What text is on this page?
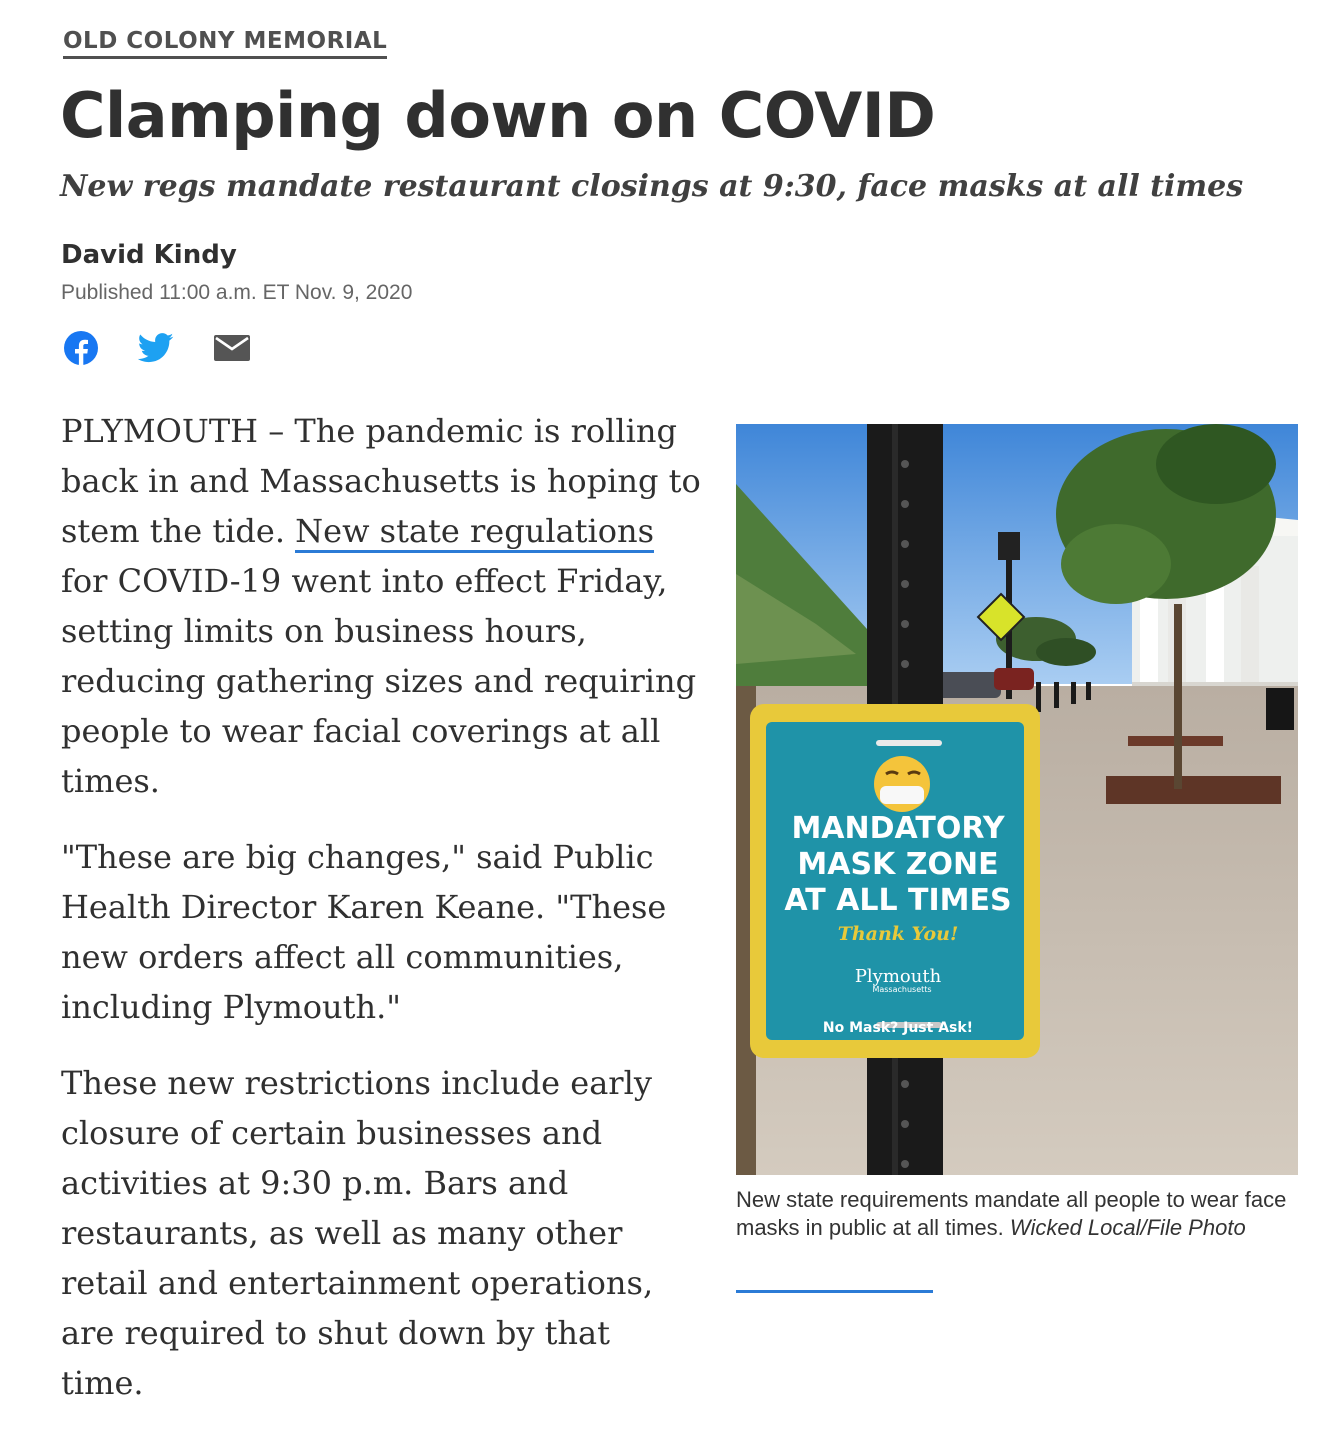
OLD COLONY MEMORIAL
Clamping down on COVID
New regs mandate restaurant closings at 9:30, face masks at all times
David Kindy
Published 11:00 a.m. ET Nov. 9, 2020

PLYMOUTH – The pandemic is rolling back in and Massachusetts is hoping to stem the tide. New state regulations for COVID-19 went into effect Friday, setting limits on business hours, reducing gathering sizes and requiring people to wear facial coverings at all times.

"These are big changes," said Public Health Director Karen Keane. "These new orders affect all communities, including Plymouth."

These new restrictions include early closure of certain businesses and activities at 9:30 p.m. Bars and restaurants, as well as many other retail and entertainment operations, are required to shut down by that time.

MANDATORY
MASK ZONE
AT ALL TIMES
Thank You!
Plymouth
Massachusetts
No Mask? Just Ask!
New state requirements mandate all people to wear face masks in public at all times. Wicked Local/File Photo
